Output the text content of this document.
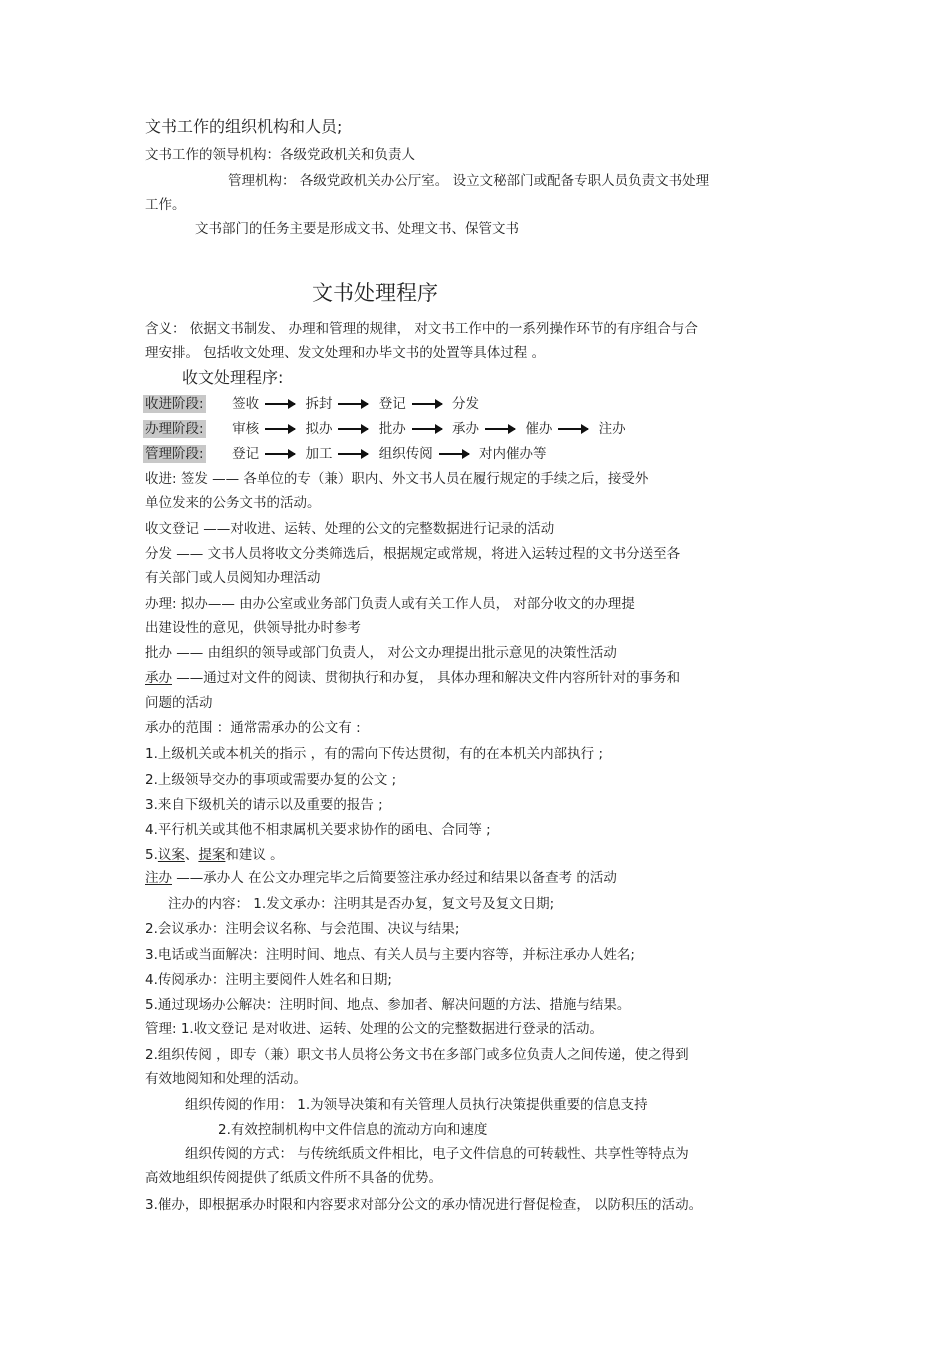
文书工作的组织机构和人员;
文书工作的领导机构：各级党政机关和负责人
管理机构： 各级党政机关办公厅室。 设立文秘部门或配备专职人员负责文书处理
工作。
文书部门的任务主要是形成文书、处理文书、保管文书
文书处理程序
含义： 依据文书制发、 办理和管理的规律， 对文书工作中的一系列操作环节的有序组合与合
理安排。 包括收文处理、发文处理和办毕文书的处置等具体过程 。
收文处理程序:
收进阶段: 签收	拆封	登记	分发
办理阶段: 审核	拟办	批办	承办	催办	注办
管理阶段: 登记	加工	组织传阅	对内催办等
收进: 签发 —— 各单位的专（兼）职内、外文书人员在履行规定的手续之后，接受外
单位发来的公务文书的活动。
收文登记 ——对收进、运转、处理的公文的完整数据进行记录的活动
分发 —— 文书人员将收文分类筛选后，根据规定或常规，将进入运转过程的文书分送至各
有关部门或人员阅知办理活动
办理: 拟办—— 由办公室或业务部门负责人或有关工作人员， 对部分收文的办理提
出建设性的意见，供领导批办时参考
批办 —— 由组织的领导或部门负责人， 对公文办理提出批示意见的决策性活动
承办 ——通过对文件的阅读、贯彻执行和办复， 具体办理和解决文件内容所针对的事务和
问题的活动
承办的范围 ：通常需承办的公文有 :
1.上级机关或本机关的指示 ，有的需向下传达贯彻，有的在本机关内部执行 ;
2.上级领导交办的事项或需要办复的公文 ;
3.来自下级机关的请示以及重要的报告 ;
4.平行机关或其他不相隶属机关要求协作的函电、合同等 ;
5.议案、提案和建议 。
注办 ——承办人 在公文办理完毕之后简要签注承办经过和结果以备查考 的活动
注办的内容： 1.发文承办：注明其是否办复，复文号及复文日期;
2.会议承办：注明会议名称、与会范围、决议与结果;
3.电话或当面解决：注明时间、地点、有关人员与主要内容等，并标注承办人姓名;
4.传阅承办：注明主要阅件人姓名和日期;
5.通过现场办公解决：注明时间、地点、参加者、解决问题的方法、措施与结果。
管理: 1.收文登记 是对收进、运转、处理的公文的完整数据进行登录的活动。
2.组织传阅 ，即专（兼）职文书人员将公务文书在多部门或多位负责人之间传递，使之得到
有效地阅知和处理的活动。
组织传阅的作用： 1.为领导决策和有关管理人员执行决策提供重要的信息支持
2.有效控制机构中文件信息的流动方向和速度
组织传阅的方式： 与传统纸质文件相比，电子文件信息的可转载性、共享性等特点为
高效地组织传阅提供了纸质文件所不具备的优势。
3.催办，即根据承办时限和内容要求对部分公文的承办情况进行督促检查， 以防积压的活动。
